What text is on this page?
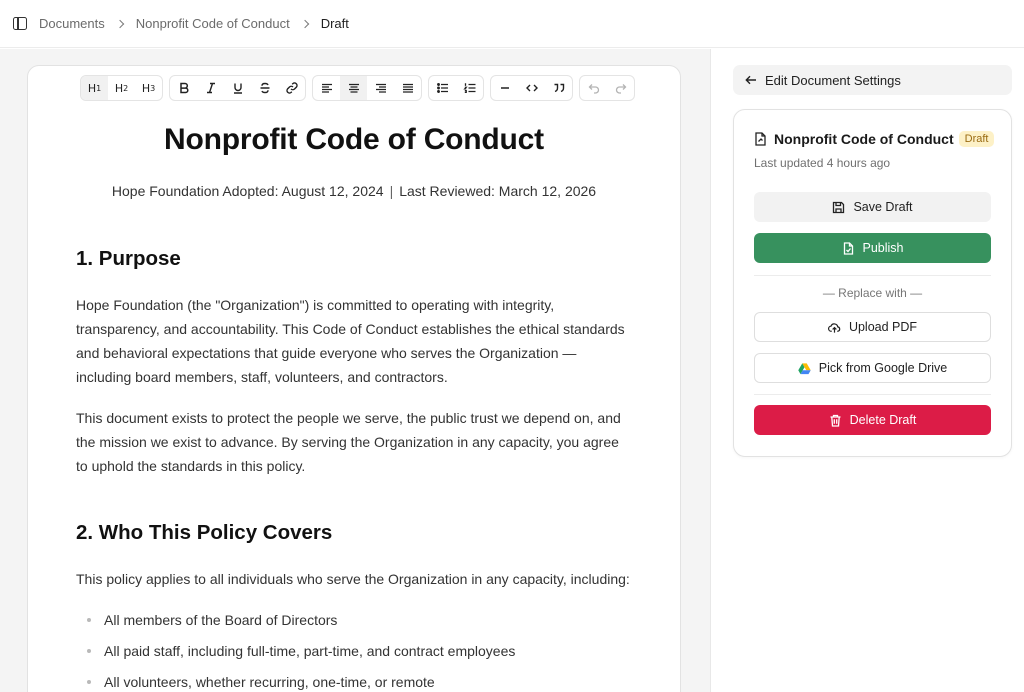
Documents Nonprofit Code of Conduct Draft
H 1 H 2 H 3
Nonprofit Code of Conduct

Hope Foundation Adopted: August 12, 2024 | Last Reviewed: March 12, 2026

1. Purpose

Hope Foundation (the "Organization") is committed to operating with integrity, transparency, and accountability. This Code of Conduct establishes the ethical standards and behavioral expectations that guide everyone who serves the Organization — including board members, staff, volunteers, and contractors.

This document exists to protect the people we serve, the public trust we depend on, and the mission we exist to advance. By serving the Organization in any capacity, you agree to uphold the standards in this policy.

2. Who This Policy Covers

This policy applies to all individuals who serve the Organization in any capacity, including:

All members of the Board of Directors
All paid staff, including full-time, part-time, and contract employees
All volunteers, whether recurring, one-time, or remote
Edit Document Settings
Nonprofit Code of Conduct	Draft
Last updated 4 hours ago
Save Draft
Publish
— Replace with —
Upload PDF
Pick from Google Drive
Delete Draft
